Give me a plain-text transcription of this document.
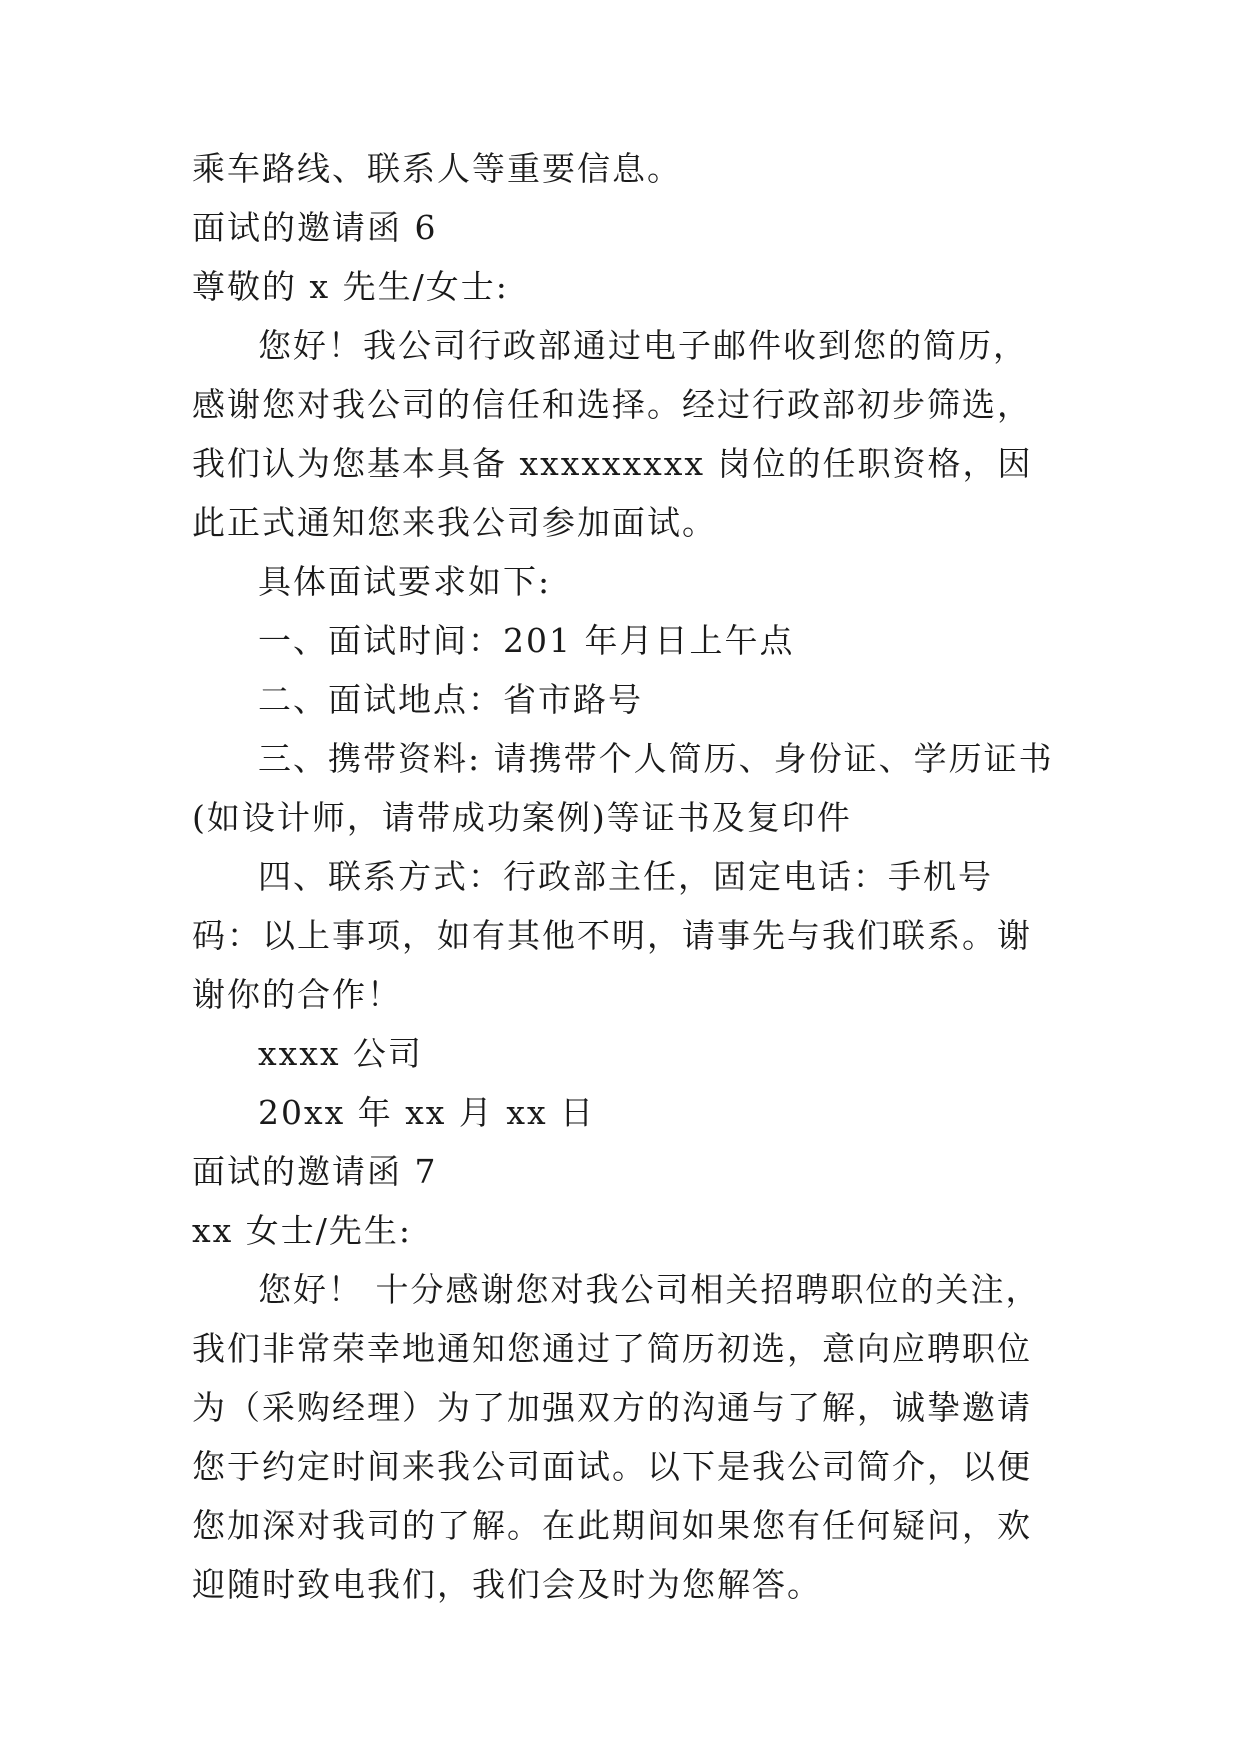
乘车路线、联系人等重要信息。

面试的邀请函 6

尊敬的 x 先生/女士:

您好！我公司行政部通过电子邮件收到您的简历，感谢您对我公司的信任和选择。经过行政部初步筛选，我们认为您基本具备 xxxxxxxxx 岗位的任职资格，因此正式通知您来我公司参加面试。

具体面试要求如下:

一、面试时间：201 年月日上午点

二、面试地点：省市路号

三、携带资料: 请携带个人简历、身份证、学历证书(如设计师，请带成功案例)等证书及复印件

四、联系方式：行政部主任，固定电话：手机号码：以上事项，如有其他不明，请事先与我们联系。谢谢你的合作！

xxxx 公司

20xx 年 xx 月 xx 日

面试的邀请函 7

xx 女士/先生:

您好！ 十分感谢您对我公司相关招聘职位的关注，我们非常荣幸地通知您通过了简历初选，意向应聘职位为（采购经理）为了加强双方的沟通与了解，诚挚邀请您于约定时间来我公司面试。以下是我公司简介，以便您加深对我司的了解。在此期间如果您有任何疑问，欢迎随时致电我们，我们会及时为您解答。
